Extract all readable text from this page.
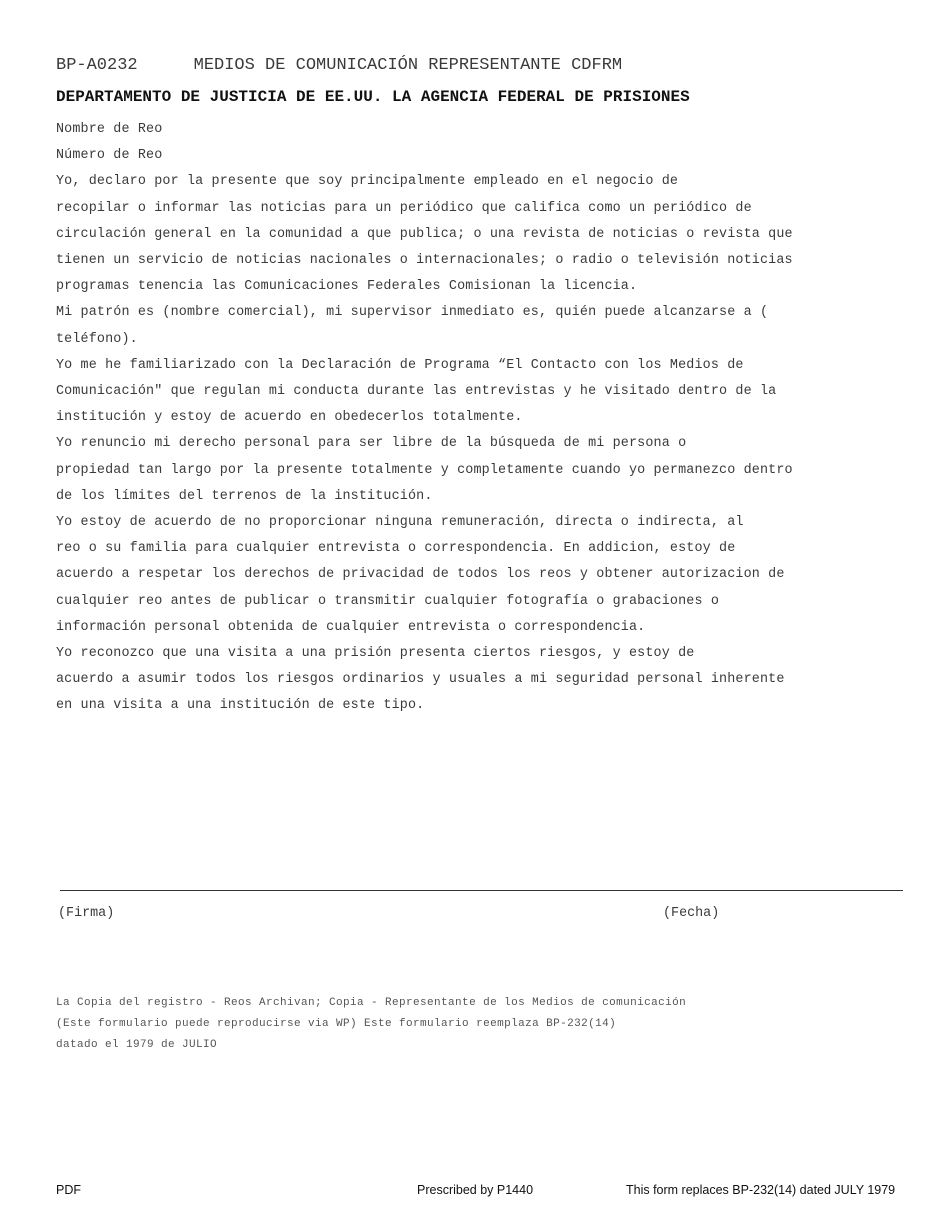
BP-A0232	MEDIOS DE COMUNICACIÓN REPRESENTANTE CDFRM
DEPARTAMENTO DE JUSTICIA DE EE.UU. LA AGENCIA FEDERAL DE PRISIONES

Nombre de Reo

Número de Reo

Yo, declaro por la presente que soy principalmente empleado en el negocio de

recopilar o informar las noticias para un periódico que califica como un periódico de

circulación general en la comunidad a que publica; o una revista de noticias o revista que

tienen un servicio de noticias nacionales o internacionales; o radio o televisión noticias

programas tenencia las Comunicaciones Federales Comisionan la licencia.

Mi patrón es (nombre comercial), mi supervisor inmediato es, quién puede alcanzarse a (

teléfono).

Yo me he familiarizado con la Declaración de Programa “El Contacto con los Medios de

Comunicación" que regulan mi conducta durante las entrevistas y he visitado dentro de la

institución y estoy de acuerdo en obedecerlos totalmente.

Yo renuncio mi derecho personal para ser libre de la búsqueda de mi persona o

propiedad tan largo por la presente totalmente y completamente cuando yo permanezco dentro

de los límites del terrenos de la institución.

Yo estoy de acuerdo de no proporcionar ninguna remuneración, directa o indirecta, al

reo o su familia para cualquier entrevista o correspondencia. En addicion, estoy de

acuerdo a respetar los derechos de privacidad de todos los reos y obtener autorizacion de

cualquier reo antes de publicar o transmitir cualquier fotografía o grabaciones o

información personal obtenida de cualquier entrevista o correspondencia.

Yo reconozco que una visita a una prisión presenta ciertos riesgos, y estoy de

acuerdo a asumir todos los riesgos ordinarios y usuales a mi seguridad personal inherente

en una visita a una institución de este tipo.

(Firma)	(Fecha)

La Copia del registro - Reos Archivan; Copia - Representante de los Medios de comunicación

(Este formulario puede reproducirse via WP) Este formulario reemplaza BP-232(14)

datado el 1979 de JULIO

PDF	Prescribed by P1440	This form replaces BP-232(14) dated JULY 1979
